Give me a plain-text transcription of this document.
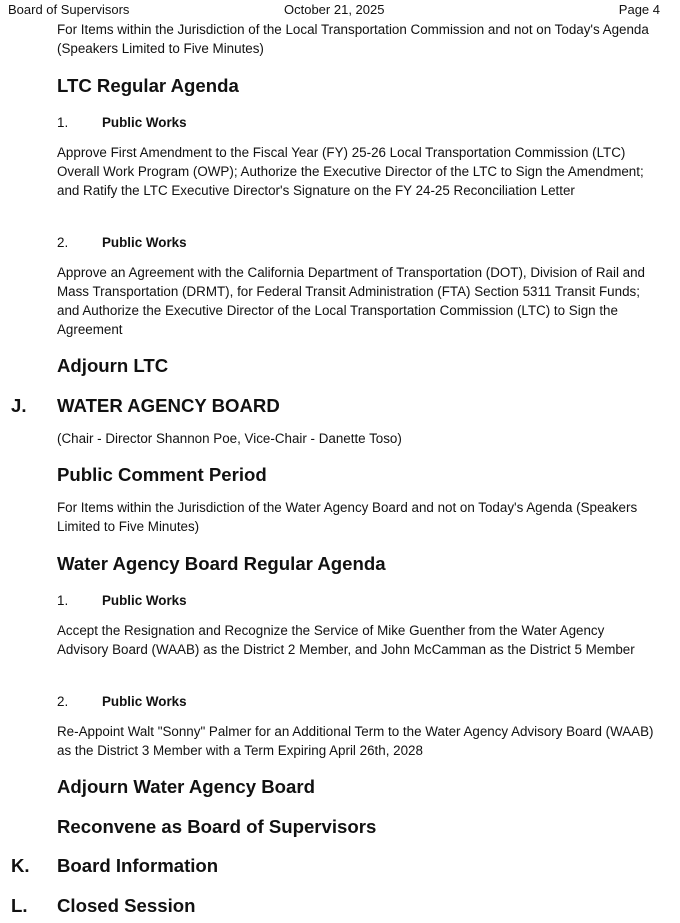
Board of Supervisors	October 21, 2025	Page 4
For Items within the Jurisdiction of the Local Transportation Commission and not on Today's Agenda (Speakers Limited to Five Minutes)
LTC Regular Agenda
1.	Public Works
Approve First Amendment to the Fiscal Year (FY) 25-26 Local Transportation Commission (LTC) Overall Work Program (OWP); Authorize the Executive Director of the LTC to Sign the Amendment; and Ratify the LTC Executive Director's Signature on the FY 24-25 Reconciliation Letter
2.	Public Works
Approve an Agreement with the California Department of Transportation (DOT), Division of Rail and Mass Transportation (DRMT), for Federal Transit Administration (FTA) Section 5311 Transit Funds; and Authorize the Executive Director of the Local Transportation Commission (LTC) to Sign the Agreement
Adjourn LTC
J. WATER AGENCY BOARD
(Chair - Director Shannon Poe, Vice-Chair - Danette Toso)
Public Comment Period
For Items within the Jurisdiction of the Water Agency Board and not on Today's Agenda (Speakers Limited to Five Minutes)
Water Agency Board Regular Agenda
1.	Public Works
Accept the Resignation and Recognize the Service of Mike Guenther from the Water Agency Advisory Board (WAAB) as the District 2 Member, and John McCamman as the District 5 Member
2.	Public Works
Re-Appoint Walt "Sonny" Palmer for an Additional Term to the Water Agency Advisory Board (WAAB) as the District 3 Member with a Term Expiring April 26th, 2028
Adjourn Water Agency Board
Reconvene as Board of Supervisors
K. Board Information
L. Closed Session
